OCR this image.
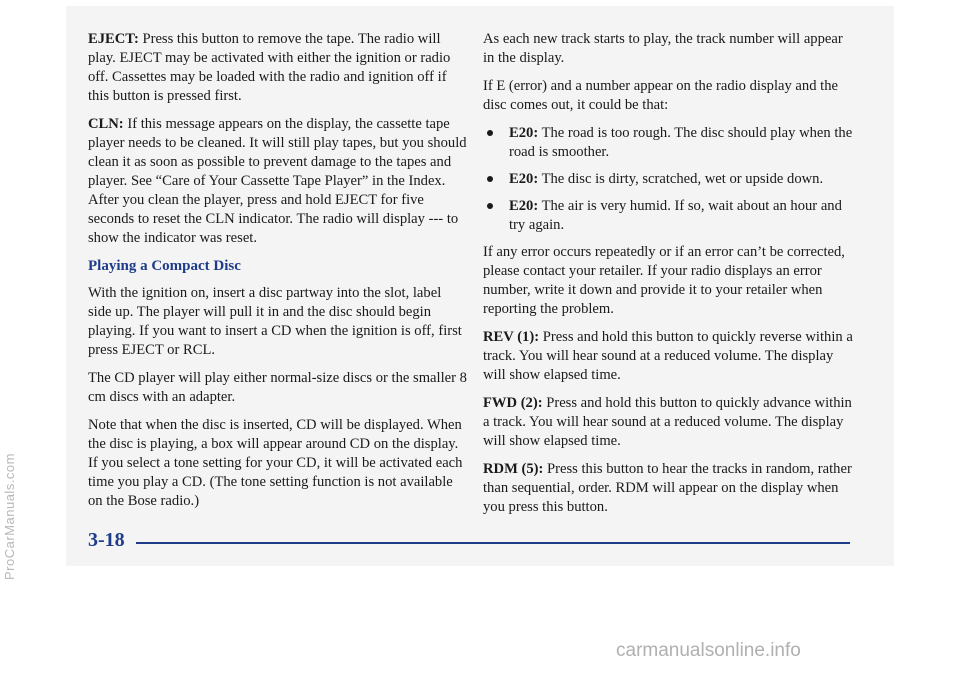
EJECT: Press this button to remove the tape. The radio will play. EJECT may be activated with either the ignition or radio off. Cassettes may be loaded with the radio and ignition off if this button is pressed first.

CLN: If this message appears on the display, the cassette tape player needs to be cleaned. It will still play tapes, but you should clean it as soon as possible to prevent damage to the tapes and player. See “Care of Your Cassette Tape Player” in the Index. After you clean the player, press and hold EJECT for five seconds to reset the CLN indicator. The radio will display --- to show the indicator was reset.

Playing a Compact Disc

With the ignition on, insert a disc partway into the slot, label side up. The player will pull it in and the disc should begin playing. If you want to insert a CD when the ignition is off, first press EJECT or RCL.

The CD player will play either normal-size discs or the smaller 8 cm discs with an adapter.

Note that when the disc is inserted, CD will be displayed. When the disc is playing, a box will appear around CD on the display. If you select a tone setting for your CD, it will be activated each time you play a CD. (The tone setting function is not available on the Bose radio.)

As each new track starts to play, the track number will appear in the display.

If E (error) and a number appear on the radio display and the disc comes out, it could be that:

E20: The road is too rough. The disc should play when the road is smoother.
E20: The disc is dirty, scratched, wet or upside down.
E20: The air is very humid. If so, wait about an hour and try again.

If any error occurs repeatedly or if an error can’t be corrected, please contact your retailer. If your radio displays an error number, write it down and provide it to your retailer when reporting the problem.

REV (1): Press and hold this button to quickly reverse within a track. You will hear sound at a reduced volume. The display will show elapsed time.

FWD (2): Press and hold this button to quickly advance within a track. You will hear sound at a reduced volume. The display will show elapsed time.

RDM (5): Press this button to hear the tracks in random, rather than sequential, order. RDM will appear on the display when you press this button.

3-18
ProCarManuals.com
carmanualsonline.info
